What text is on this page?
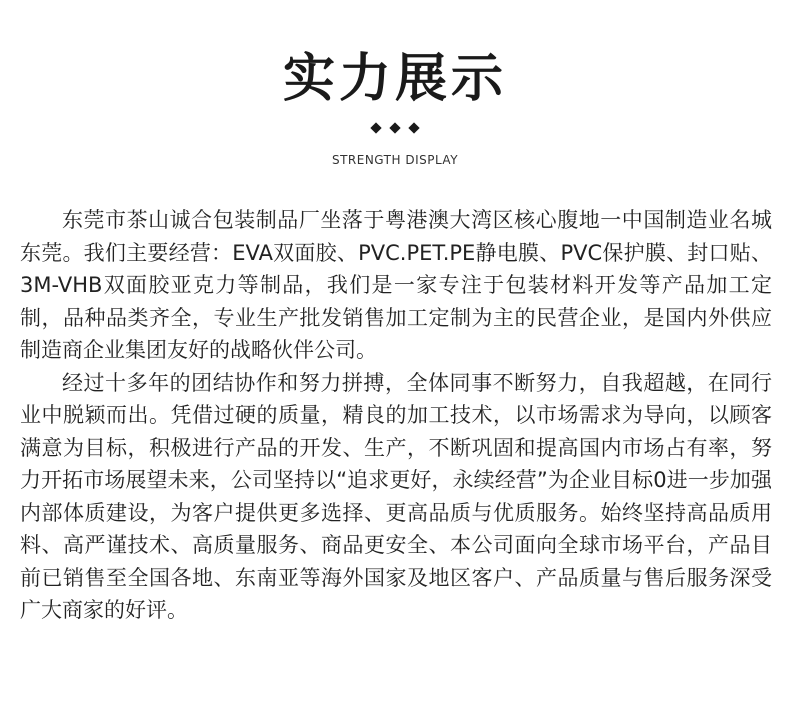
实力展示
STRENGTH DISPLAY

东莞市茶山诚合包装制品厂坐落于粤港澳大湾区核心腹地一中国制造业名城东莞。我们主要经营：EVA双面胶、PVC.PET.PE静电膜、PVC保护膜、封口贴、3M-VHB双面胶亚克力等制品，我们是一家专注于包装材料开发等产品加工定制，品种品类齐全，专业生产批发销售加工定制为主的民营企业，是国内外供应制造商企业集团友好的战略伙伴公司。

经过十多年的团结协作和努力拼搏，全体同事不断努力，自我超越，在同行业中脱颖而出。凭借过硬的质量，精良的加工技术，以市场需求为导向，以顾客满意为目标，积极进行产品的开发、生产，不断巩固和提高国内市场占有率，努力开拓市场展望未来，公司坚持以“追求更好，永续经营”为企业目标0进一步加强内部体质建设，为客户提供更多选择、更高品质与优质服务。始终坚持高品质用料、高严谨技术、高质量服务、商品更安全、本公司面向全球市场平台，产品目前已销售至全国各地、东南亚等海外国家及地区客户、产品质量与售后服务深受广大商家的好评。
